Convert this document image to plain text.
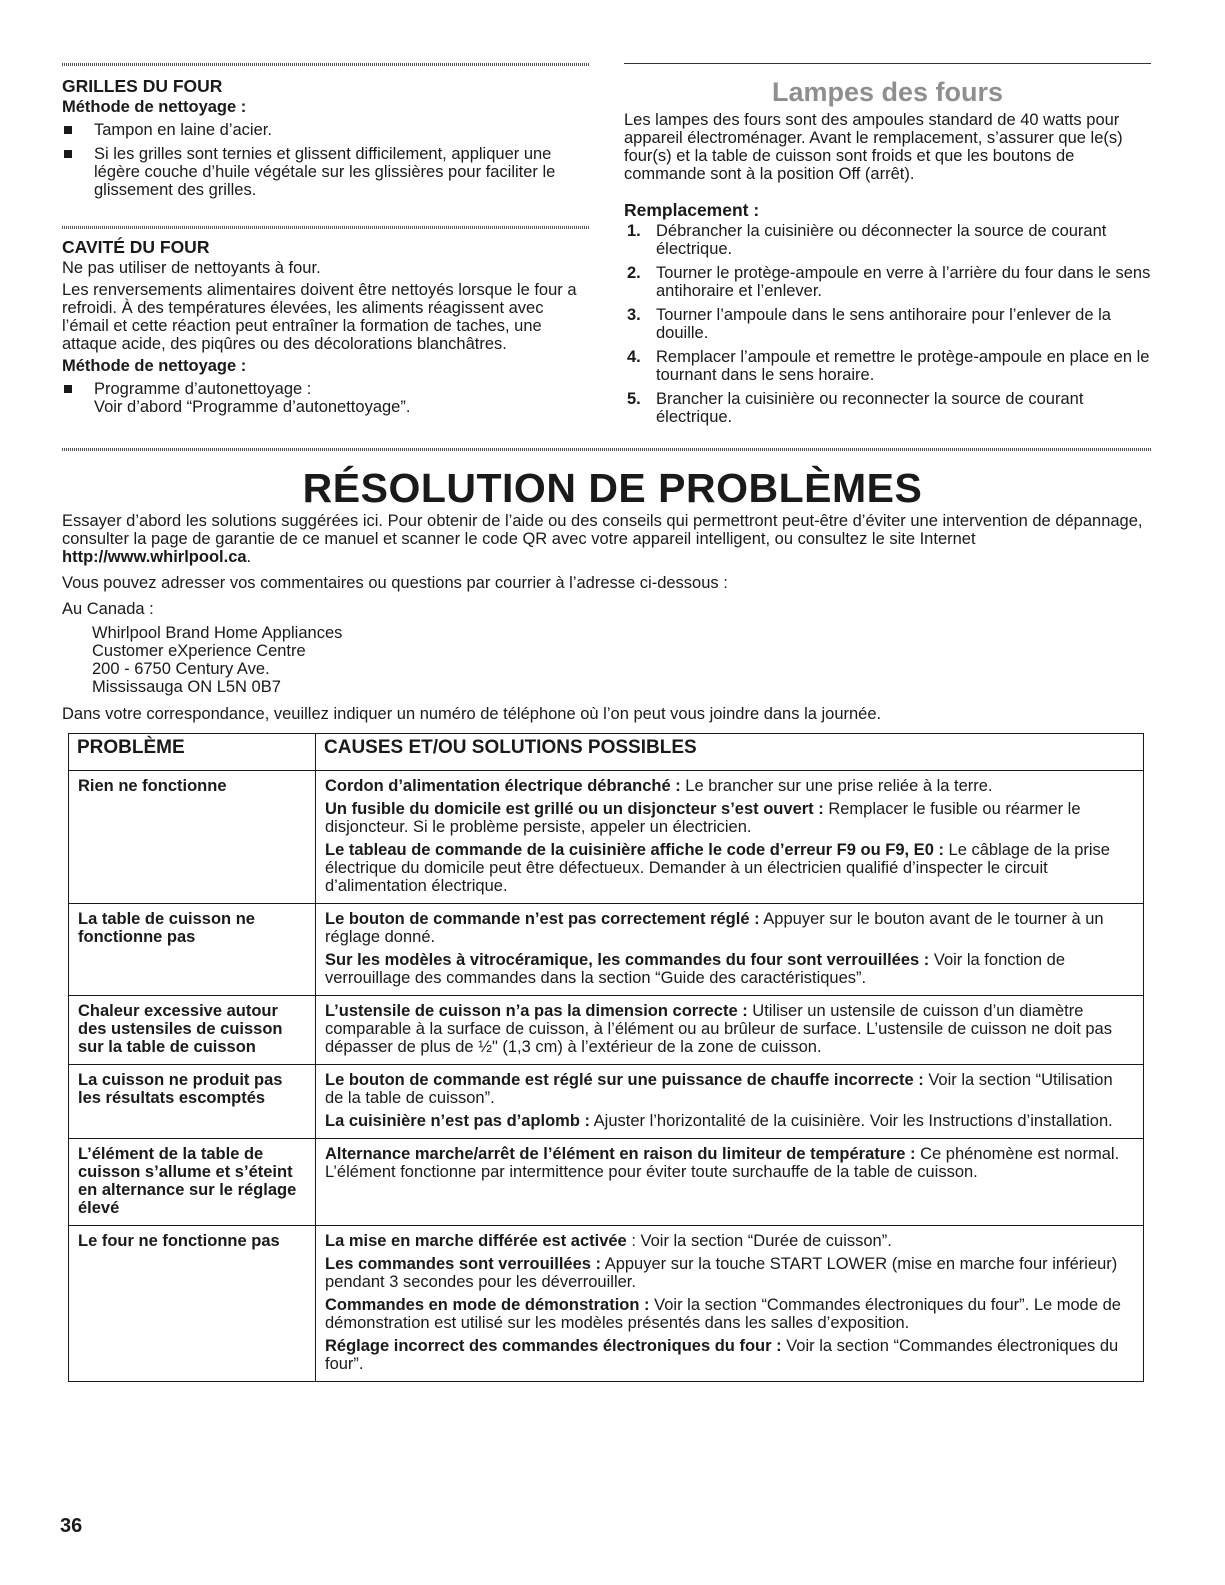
GRILLES DU FOUR
Méthode de nettoyage :
Tampon en laine d’acier.
Si les grilles sont ternies et glissent difficilement, appliquer une légère couche d’huile végétale sur les glissières pour faciliter le glissement des grilles.
CAVITÉ DU FOUR
Ne pas utiliser de nettoyants à four.
Les renversements alimentaires doivent être nettoyés lorsque le four a refroidi. À des températures élevées, les aliments réagissent avec l’émail et cette réaction peut entraîner la formation de taches, une attaque acide, des piqûres ou des décolorations blanchâtres.
Méthode de nettoyage :
Programme d’autonettoyage :
Voir d’abord “Programme d’autonettoyage”.
Lampes des fours
Les lampes des fours sont des ampoules standard de 40 watts pour appareil électroménager. Avant le remplacement, s’assurer que le(s) four(s) et la table de cuisson sont froids et que les boutons de commande sont à la position Off (arrêt).
Remplacement :
1. Débrancher la cuisinière ou déconnecter la source de courant électrique.
2. Tourner le protège-ampoule en verre à l’arrière du four dans le sens antihoraire et l’enlever.
3. Tourner l’ampoule dans le sens antihoraire pour l’enlever de la douille.
4. Remplacer l’ampoule et remettre le protège-ampoule en place en le tournant dans le sens horaire.
5. Brancher la cuisinière ou reconnecter la source de courant électrique.
RÉSOLUTION DE PROBLÈMES
Essayer d’abord les solutions suggérées ici. Pour obtenir de l’aide ou des conseils qui permettront peut-être d’éviter une intervention de dépannage, consulter la page de garantie de ce manuel et scanner le code QR avec votre appareil intelligent, ou consultez le site Internet http://www.whirlpool.ca.
Vous pouvez adresser vos commentaires ou questions par courrier à l’adresse ci-dessous :
Au Canada :
Whirlpool Brand Home Appliances
Customer eXperience Centre
200 - 6750 Century Ave.
Mississauga ON L5N 0B7
Dans votre correspondance, veuillez indiquer un numéro de téléphone où l’on peut vous joindre dans la journée.
PROBLÈME	CAUSES ET/OU SOLUTIONS POSSIBLES
Rien ne fonctionne	Cordon d’alimentation électrique débranché : Le brancher sur une prise reliée à la terre.
Un fusible du domicile est grillé ou un disjoncteur s’est ouvert : Remplacer le fusible ou réarmer le disjoncteur. Si le problème persiste, appeler un électricien.
Le tableau de commande de la cuisinière affiche le code d’erreur F9 ou F9, E0 : Le câblage de la prise électrique du domicile peut être défectueux. Demander à un électricien qualifié d’inspecter le circuit d’alimentation électrique.

La table de cuisson ne fonctionne pas	Le bouton de commande n’est pas correctement réglé : Appuyer sur le bouton avant de le tourner à un réglage donné.
Sur les modèles à vitrocéramique, les commandes du four sont verrouillées : Voir la fonction de verrouillage des commandes dans la section “Guide des caractéristiques”.

Chaleur excessive autour des ustensiles de cuisson sur la table de cuisson	L’ustensile de cuisson n’a pas la dimension correcte : Utiliser un ustensile de cuisson d’un diamètre comparable à la surface de cuisson, à l’élément ou au brûleur de surface. L’ustensile de cuisson ne doit pas dépasser de plus de ½" (1,3 cm) à l’extérieur de la zone de cuisson.

La cuisson ne produit pas les résultats escomptés	Le bouton de commande est réglé sur une puissance de chauffe incorrecte : Voir la section “Utilisation de la table de cuisson”.
La cuisinière n’est pas d’aplomb : Ajuster l’horizontalité de la cuisinière. Voir les Instructions d’installation.

L’élément de la table de cuisson s’allume et s’éteint en alternance sur le réglage élevé	Alternance marche/arrêt de l’élément en raison du limiteur de température : Ce phénomène est normal. L’élément fonctionne par intermittence pour éviter toute surchauffe de la table de cuisson.

Le four ne fonctionne pas	La mise en marche différée est activée : Voir la section “Durée de cuisson”.
Les commandes sont verrouillées : Appuyer sur la touche START LOWER (mise en marche four inférieur) pendant 3 secondes pour les déverrouiller.
Commandes en mode de démonstration : Voir la section “Commandes électroniques du four”. Le mode de démonstration est utilisé sur les modèles présentés dans les salles d’exposition.
Réglage incorrect des commandes électroniques du four : Voir la section “Commandes électroniques du four”.
36
